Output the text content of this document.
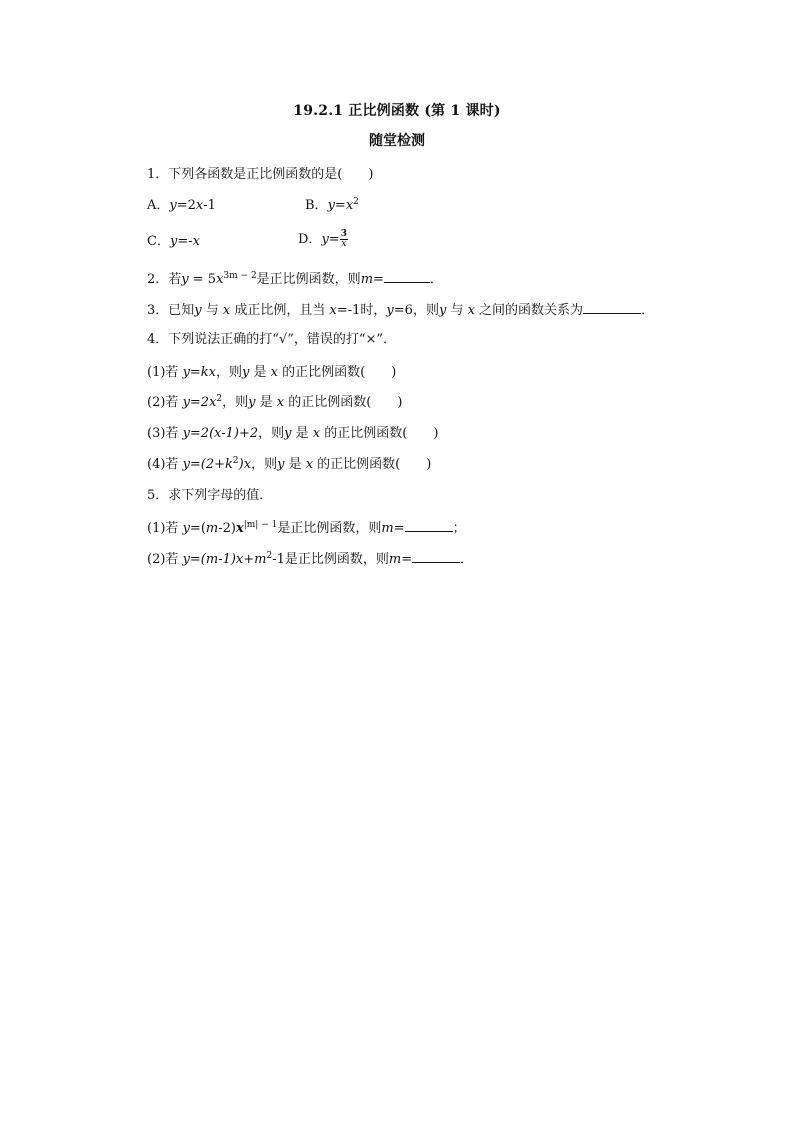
19.2.1 正比例函数 (第 1 课时)
随堂检测
1．下列各函数是正比例函数的是(　　)
A．y=2x-1	B．$y=x^2$
C．y=-x	D．$y= \frac{3}{x}$
2．若$y = 5x^{3m - 2}$是正比例函数，则m=	．
3．已知y 与 x 成正比例，且当 x=-1时，y=6，则y 与 x 之间的函数关系为	．
4．下列说法正确的打“√”，错误的打“×”．
(1)若 y=kx，则y 是 x 的正比例函数(　　)
(2)若 $y=2x^2$，则y 是 x 的正比例函数(　　)
(3)若 y=2(x-1)+2，则y 是 x 的正比例函数(　　)
(4)若 $y=(2+k^2)x$，则y 是 x 的正比例函数(　　)
5．求下列字母的值．
(1)若 $y=(m-2)x^{|m| - 1}$是正比例函数，则m=	；
(2)若 $y=(m-1)x+m^2-1$是正比例函数，则m=	．
